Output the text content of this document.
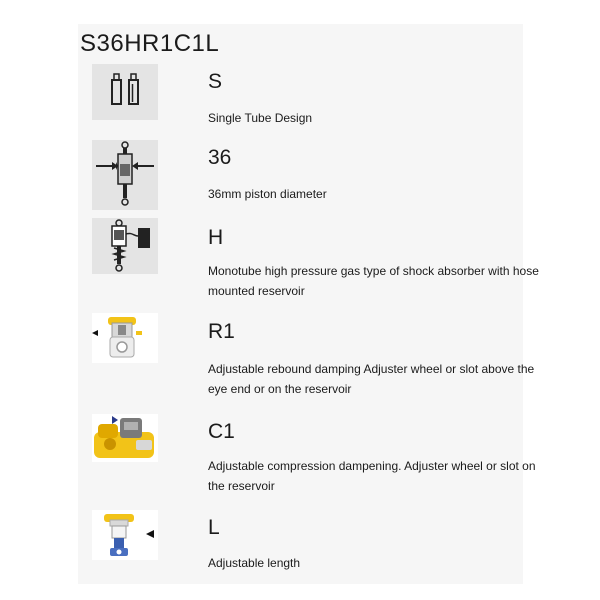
S36HR1C1L
S
Single Tube Design
36
36mm piston diameter
H
Monotube high pressure gas type of shock absorber with hose mounted reservoir
R1
Adjustable rebound damping Adjuster wheel or slot above the eye end or on the reservoir
C1
Adjustable compression dampening. Adjuster wheel or slot on the reservoir
L
Adjustable length
